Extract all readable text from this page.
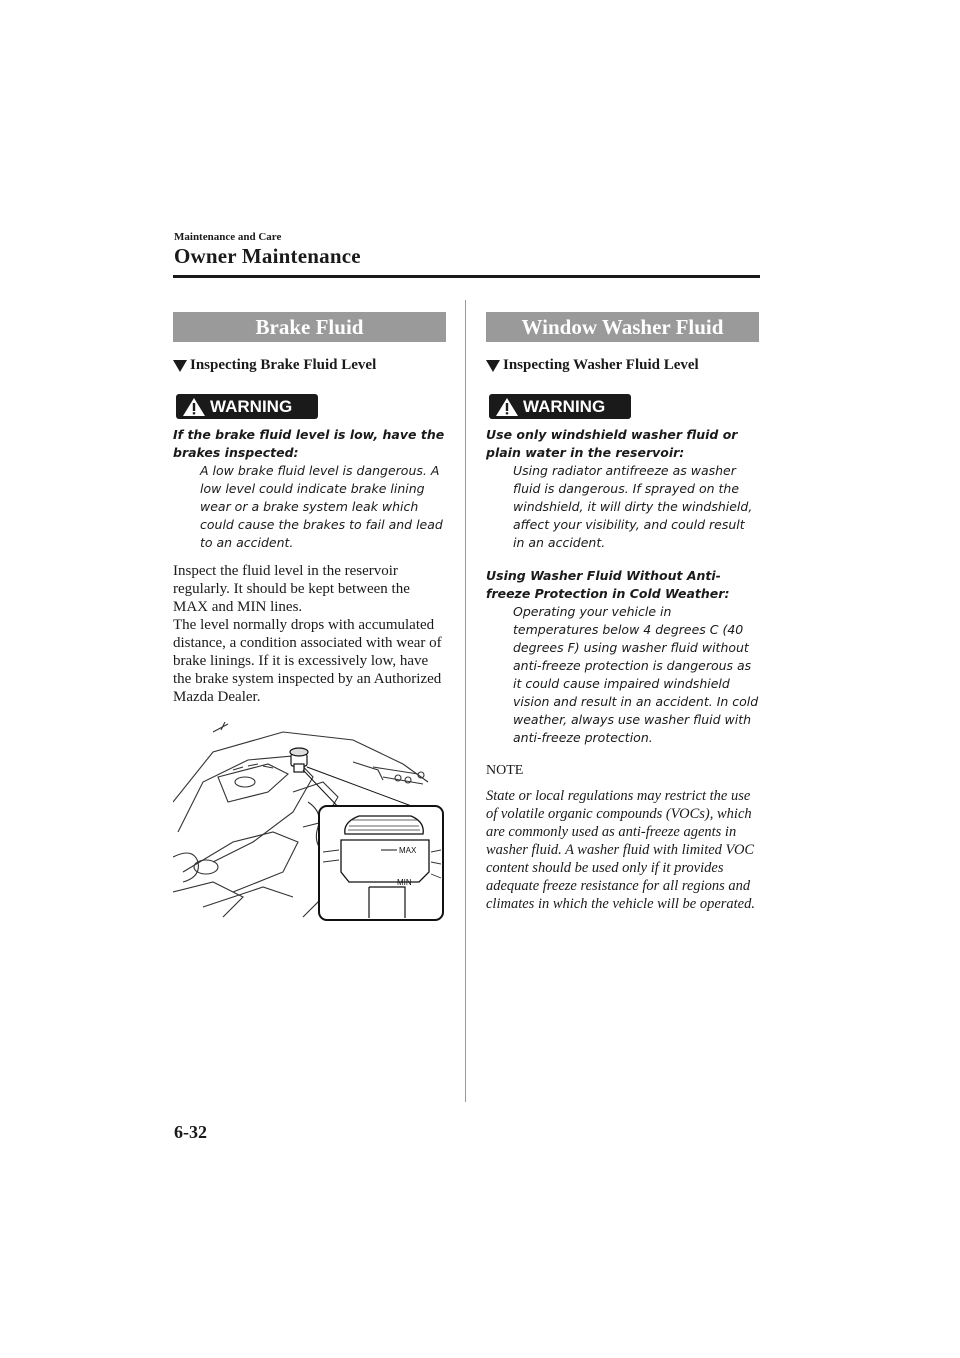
Maintenance and Care
Owner Maintenance
Brake Fluid
Inspecting Brake Fluid Level
WARNING
If the brake fluid level is low, have the brakes inspected:
A low brake fluid level is dangerous. A low level could indicate brake lining wear or a brake system leak which could cause the brakes to fail and lead to an accident.

Inspect the fluid level in the reservoir regularly. It should be kept between the MAX and MIN lines.

The level normally drops with accumulated distance, a condition associated with wear of brake linings. If it is excessively low, have the brake system inspected by an Authorized Mazda Dealer.

MAX
MIN
Window Washer Fluid
Inspecting Washer Fluid Level
WARNING
Use only windshield washer fluid or plain water in the reservoir:
Using radiator antifreeze as washer fluid is dangerous. If sprayed on the windshield, it will dirty the windshield, affect your visibility, and could result in an accident.
Using Washer Fluid Without Anti-freeze Protection in Cold Weather:
Operating your vehicle in temperatures below 4 degrees C (40 degrees F) using washer fluid without anti-freeze protection is dangerous as it could cause impaired windshield vision and result in an accident. In cold weather, always use washer fluid with anti-freeze protection.
NOTE
State or local regulations may restrict the use of volatile organic compounds (VOCs), which are commonly used as anti-freeze agents in washer fluid. A washer fluid with limited VOC content should be used only if it provides adequate freeze resistance for all regions and climates in which the vehicle will be operated.
6-32
